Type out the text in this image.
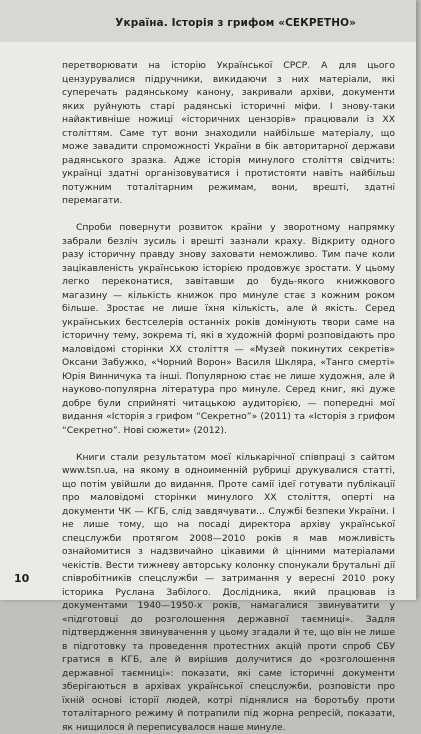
Україна. Історія з грифом «СЕКРЕТНО»

перетворювати на історію Української СРСР. А для цього цензурувалися підручники, викидаючи з них матеріали, які суперечать радянському канону, закривали архіви, документи яких руйнують старі радянські історичні міфи. І знову-таки найактивніше ножиці «історичних цензорів» працювали із ХХ століттям. Саме тут вони знаходили найбільше матеріалу, що може завадити спроможності України в бік авторитарної держави радянського зразка. Адже історія минулого століття свідчить: українці здатні організовуватися і протистояти навіть найбільш потужним тоталітарним режимам, вони, врешті, здатні перемагати.

Спроби повернути розвиток країни у зворотному напрямку забрали безліч зусиль і врешті зазнали краху. Відкриту одного разу історичну правду знову заховати неможливо. Тим паче коли зацікавленість українською історією продовжує зростати. У цьому легко переконатися, завітавши до будь-якого книжкового магазину — кількість книжок про минуле стає з кожним роком більше. Зростає не лише їхня кількість, але й якість. Серед українських бестселерів останніх років домінують твори саме на історичну тему, зокрема ті, які в художній формі розповідають про маловідомі сторінки ХХ століття — «Музей покинутих секретів» Оксани Забужко, «Чорний Ворон» Василя Шкляра, «Танго смерті» Юрія Винничука та інші. Популярною стає не лише художня, але й науково-популярна література про минуле. Серед книг, які дуже добре були сприйняті читацькою аудиторією, — попередні мої видання «Історія з грифом “Секретно”» (2011) та «Історія з грифом “Секретно”. Нові сюжети» (2012).

Книги стали результатом моєї кількарічної співпраці з сайтом www.tsn.ua, на якому в одноименній рубриці друкувалися статті, що потім увійшли до видання. Проте самії ідеї готувати публікації про маловідомі сторінки минулого ХХ століття, оперті на документи ЧК — КГБ, слід завдячувати... Службі безпеки України. І не лише тому, що на посаді директора архіву української спецслужби протягом 2008—2010 років я мав можливість ознайомитися з надзвичайно цікавими й цінними матеріалами чекістів. Вести тижневу авторську колонку спонукали брутальні дії співробітників спецслужби — затримання у вересні 2010 року історика Руслана Забілого. Дослідника, який працював із документами 1940—1950-х років, намагалися звинуватити у «підготовці до розголошення державної таємниці». Задля підтвердження звинувачення у цьому згадали й те, що він не лише в підготовку та проведення протестних акцій проти спроб СБУ гратися в КГБ, але й вирішив долучитися до «розголошення державної таємниці»: показати, які саме історичні документи зберігаються в архівах української спецслужби, розповісти про ïхній основі історії людей, котрі піднялися на боротьбу проти тоталітарного режиму й потрапили під жорна репресій, показати, як нищилося й переписувалося наше минуле.

10
